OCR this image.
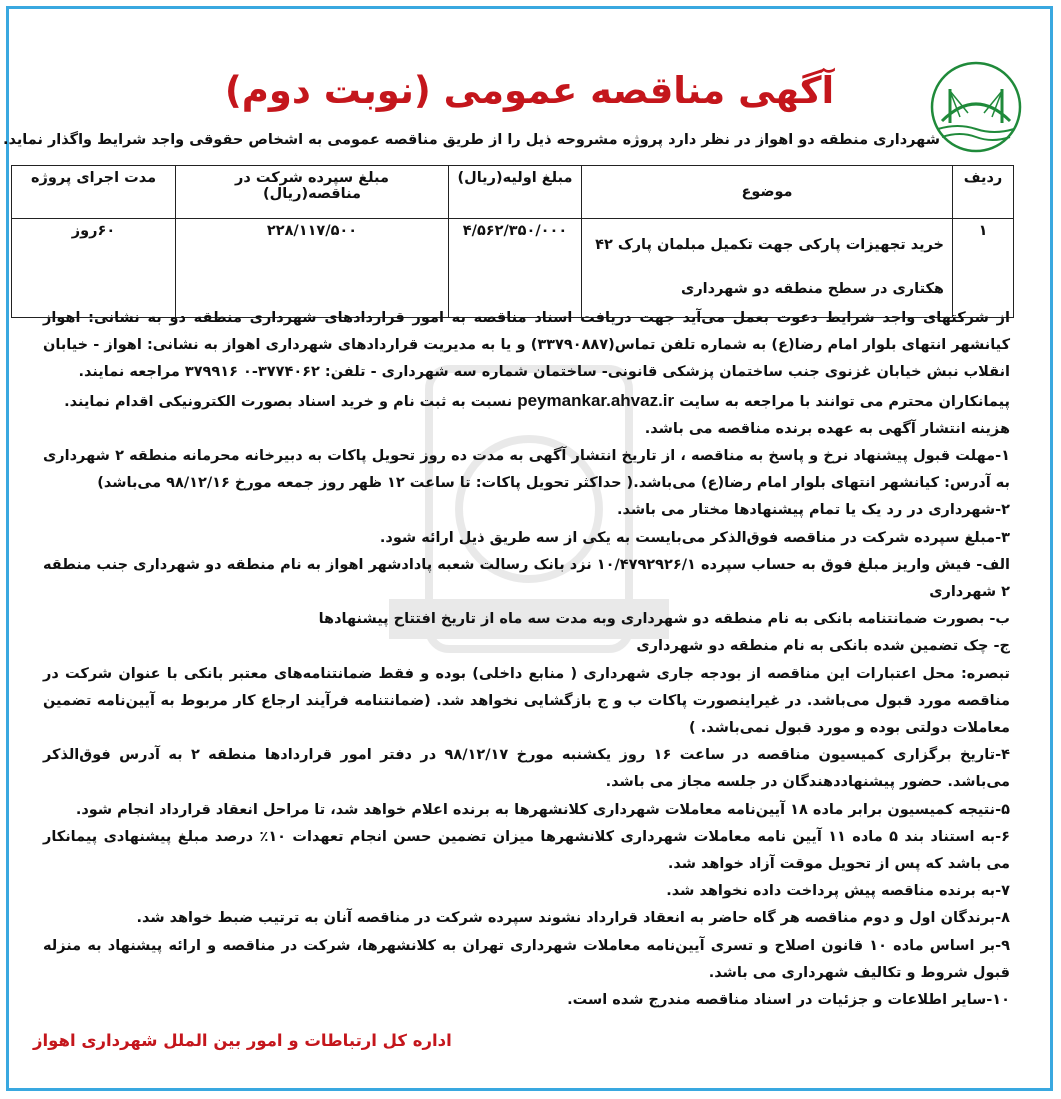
آگهی مناقصه عمومی (نوبت دوم)
شهرداری منطقه دو اهواز در نظر دارد پروژه مشروحه ذیل را از طریق مناقصه عمومی به اشخاص حقوقی واجد شرایط واگذار نماید.
ردیف	موضوع	مبلغ اولیه(ریال)	مبلغ سپرده شرکت در مناقصه(ریال)	مدت اجرای پروژه
۱	خرید تجهیزات پارکی جهت تکمیل مبلمان پارک ۴۲ هکتاری در سطح منطقه دو شهرداری	۴/۵۶۲/۳۵۰/۰۰۰	۲۲۸/۱۱۷/۵۰۰	۶۰روز

از شرکتهای واجد شرایط دعوت بعمل می‌آید جهت دریافت اسناد مناقصه به امور قراردادهای شهرداری منطقه دو به نشانی: اهواز کیانشهر انتهای بلوار امام رضا(ع) به شماره تلفن تماس(۳۳۷۹۰۸۸۷) و یا به مدیریت قراردادهای شهرداری اهواز به نشانی: اهواز - خیابان انقلاب نبش خیابان غزنوی جنب ساختمان پزشکی قانونی- ساختمان شماره سه شهرداری - تلفن: ۳۷۷۴۰۶۲-۰ ۳۷۹۹۱۶ مراجعه نمایند.

پیمانکاران محترم می توانند با مراجعه به سایت peymankar.ahvaz.ir نسبت به ثبت نام و خرید اسناد بصورت الکترونیکی اقدام نمایند.

هزینه انتشار آگهی به عهده برنده مناقصه می باشد.

۱-مهلت قبول پیشنهاد نرخ و پاسخ به مناقصه ، از تاریخ انتشار آگهی به مدت ده روز تحویل پاکات به دبیرخانه محرمانه منطقه ۲ شهرداری به آدرس: کیانشهر انتهای بلوار امام رضا(ع) می‌باشد.( حداکثر تحویل پاکات: تا ساعت ۱۲ ظهر روز جمعه مورخ ۹۸/۱۲/۱۶ می‌باشد)

۲-شهرداری در رد یک یا تمام پیشنهادها مختار می باشد.

۳-مبلغ سپرده شرکت در مناقصه فوق‌الذکر می‌بایست به یکی از سه طریق ذیل ارائه شود.

الف- فیش واریز مبلغ فوق به حساب سپرده ۱۰/۴۷۹۲۹۲۶/۱ نزد بانک رسالت شعبه پادادشهر اهواز به نام منطقه دو شهرداری جنب منطقه ۲ شهرداری

ب- بصورت ضمانتنامه بانکی به نام منطقه دو شهرداری وبه مدت سه ماه از تاریخ افتتاح پیشنهادها

ج- چک تضمین شده بانکی به نام منطقه دو شهرداری

تبصره: محل اعتبارات این مناقصه از بودجه جاری شهرداری ( منابع داخلی) بوده و فقط ضمانتنامه‌های معتبر بانکی با عنوان شرکت در مناقصه مورد قبول می‌باشد. در غیراینصورت پاکات ب و ج بازگشایی نخواهد شد. (ضمانتنامه فرآیند ارجاع کار مربوط به آیین‌نامه تضمین معاملات دولتی بوده و مورد قبول نمی‌باشد. )

۴-تاریخ برگزاری کمیسیون مناقصه در ساعت ۱۶ روز یکشنبه مورخ ۹۸/۱۲/۱۷ در دفتر امور قراردادها منطقه ۲ به آدرس فوق‌الذکر می‌باشد. حضور پیشنهاددهندگان در جلسه مجاز می باشد.

۵-نتیجه کمیسیون برابر ماده ۱۸ آیین‌نامه معاملات شهرداری کلانشهرها به برنده اعلام خواهد شد، تا مراحل انعقاد قرارداد انجام شود.

۶-به استناد بند ۵ ماده ۱۱ آیین نامه معاملات شهرداری کلانشهرها میزان تضمین حسن انجام تعهدات ۱۰٪ درصد مبلغ پیشنهادی پیمانکار می باشد که پس از تحویل موقت آزاد خواهد شد.

۷-به برنده مناقصه پیش پرداخت داده نخواهد شد.

۸-برندگان اول و دوم مناقصه هر گاه حاضر به انعقاد قرارداد نشوند سپرده شرکت در مناقصه آنان به ترتیب ضبط خواهد شد.

۹-بر اساس ماده ۱۰ قانون اصلاح و تسری آیین‌نامه معاملات شهرداری تهران به کلانشهرها، شرکت در مناقصه و ارائه پیشنهاد به منزله قبول شروط و تکالیف شهرداری می باشد.

۱۰-سایر اطلاعات و جزئیات در اسناد مناقصه مندرج شده است.

اداره کل ارتباطات و امور بین الملل شهرداری اهواز
